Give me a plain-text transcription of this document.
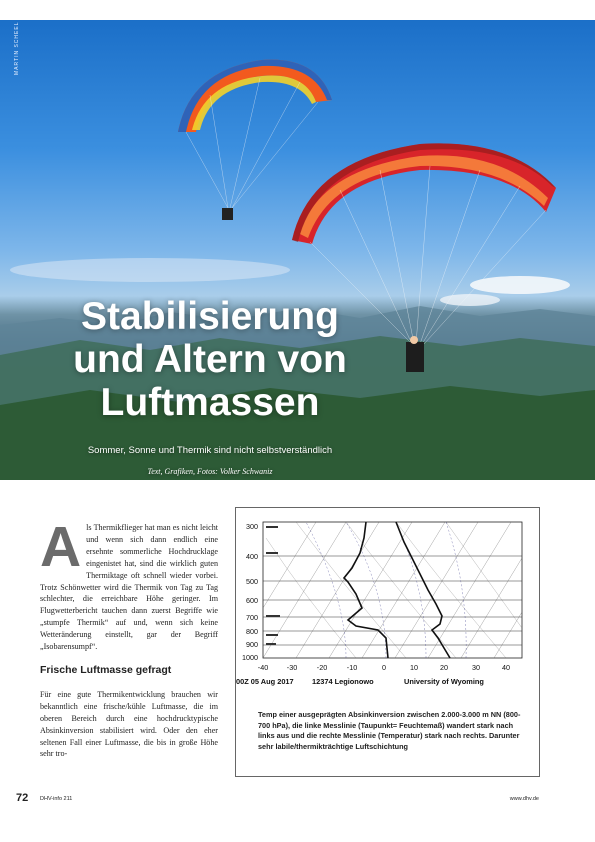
MARTIN SCHEEL
Stabilisierung
und Altern von
Luftmassen
Sommer, Sonne und Thermik sind nicht selbstverständlich
Text, Grafiken, Fotos: Volker Schwaniz
A ls Thermikflieger hat man es nicht leicht und wenn sich dann endlich eine ersehnte sommerliche Hochdrucklage eingenistet hat, sind die wirklich guten Thermiktage oft schnell wieder vorbei. Trotz Schönwetter wird die Thermik von Tag zu Tag schlechter, die erreichbare Höhe geringer. Im Flugwetterbericht tauchen dann zuerst Begriffe wie „stumpfe Thermik“ auf und, wenn sich keine Wetteränderung einstellt, gar der Begriff „Isobarensumpf“.

Frische Luftmasse gefragt

Für eine gute Thermikentwicklung brauchen wir bekanntlich eine frische/kühle Luftmasse, die im oberen Bereich durch eine hochdrucktypische Absinkinversion stabilisiert wird. Oder den eher seltenen Fall einer Luftmasse, die bis in große Höhe sehr tro-

300
400
500
600
700
800
900
1000
-40	-30	-20	-10	0	10	20	30	40
00Z 05 Aug 2017 12374 Legionowo	University of Wyoming
Temp einer ausgeprägten Absinkinversion zwischen 2.000-3.000 m NN (800-700 hPa), die linke Messlinie (Taupunkt= Feuchtemaß) wandert stark nach links aus und die rechte Messlinie (Temperatur) stark nach rechts. Darunter sehr labile/thermikträchtige Luftschichtung
72 DHV-info 211	www.dhv.de
